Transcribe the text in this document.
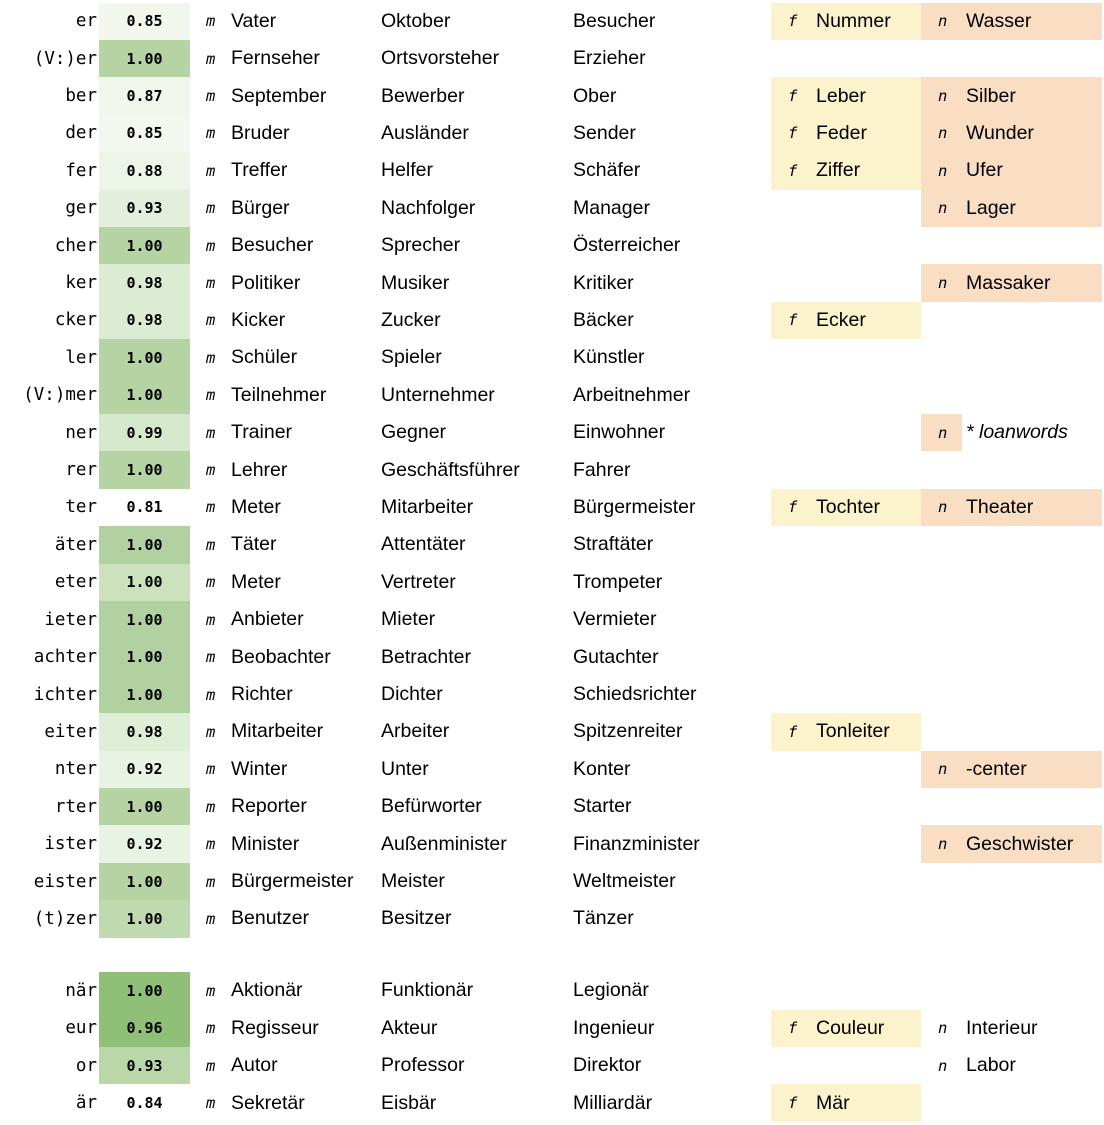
er	0.85	m Vater	Oktober	Besucher	f Nummer	n Wasser
(V:)er	1.00	m Fernseher	Ortsvorsteher	Erzieher
ber	0.87	m September	Bewerber	Ober	f Leber	n Silber
der	0.85	m Bruder	Ausländer	Sender	f Feder	n Wunder
fer	0.88	m Treffer	Helfer	Schäfer	f Ziffer	n Ufer
ger	0.93	m Bürger	Nachfolger	Manager	n Lager
cher	1.00	m Besucher	Sprecher	Österreicher
ker	0.98	m Politiker	Musiker	Kritiker	n Massaker
cker	0.98	m Kicker	Zucker	Bäcker	f Ecker
ler	1.00	m Schüler	Spieler	Künstler
(V:)mer	1.00	m Teilnehmer	Unternehmer	Arbeitnehmer
ner	0.99	m Trainer	Gegner	Einwohner	n * loanwords
rer	1.00	m Lehrer	Geschäftsführer	Fahrer
ter	0.81	m Meter	Mitarbeiter	Bürgermeister	f Tochter	n Theater
äter	1.00	m Täter	Attentäter	Straftäter
eter	1.00	m Meter	Vertreter	Trompeter
ieter	1.00	m Anbieter	Mieter	Vermieter
achter	1.00	m Beobachter	Betrachter	Gutachter
ichter	1.00	m Richter	Dichter	Schiedsrichter
eiter	0.98	m Mitarbeiter	Arbeiter	Spitzenreiter	f Tonleiter
nter	0.92	m Winter	Unter	Konter	n -center
rter	1.00	m Reporter	Befürworter	Starter
ister	0.92	m Minister	Außenminister	Finanzminister	n Geschwister
eister	1.00	m Bürgermeister	Meister	Weltmeister
(t)zer	1.00	m Benutzer	Besitzer	Tänzer
när	1.00	m Aktionär	Funktionär	Legionär
eur	0.96	m Regisseur	Akteur	Ingenieur	f Couleur	n Interieur
or	0.93	m Autor	Professor	Direktor	n Labor
är	0.84	m Sekretär	Eisbär	Milliardär	f Mär
